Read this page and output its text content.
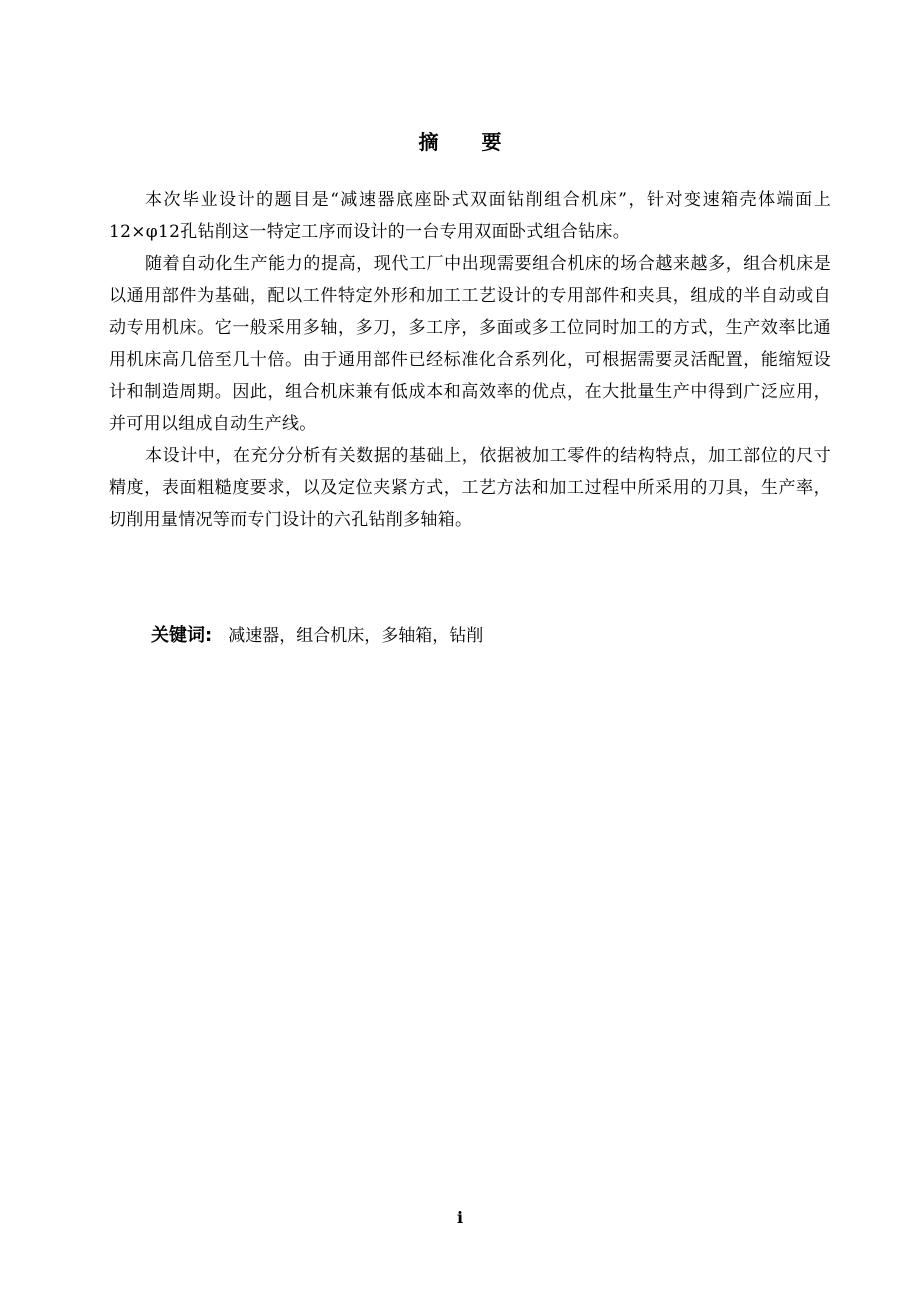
摘 要

本次毕业设计的题目是“减速器底座卧式双面钻削组合机床”，针对变速箱壳体端面上12×φ12孔钻削这一特定工序而设计的一台专用双面卧式组合钻床。

随着自动化生产能力的提高，现代工厂中出现需要组合机床的场合越来越多，组合机床是以通用部件为基础，配以工件特定外形和加工工艺设计的专用部件和夹具，组成的半自动或自动专用机床。它一般采用多轴，多刀，多工序，多面或多工位同时加工的方式，生产效率比通用机床高几倍至几十倍。由于通用部件已经标准化合系列化，可根据需要灵活配置，能缩短设计和制造周期。因此，组合机床兼有低成本和高效率的优点，在大批量生产中得到广泛应用，并可用以组成自动生产线。

本设计中，在充分分析有关数据的基础上，依据被加工零件的结构特点，加工部位的尺寸精度，表面粗糙度要求，以及定位夹紧方式，工艺方法和加工过程中所采用的刀具，生产率，切削用量情况等而专门设计的六孔钻削多轴箱。

关键词: 减速器，组合机床，多轴箱，钻削
i
